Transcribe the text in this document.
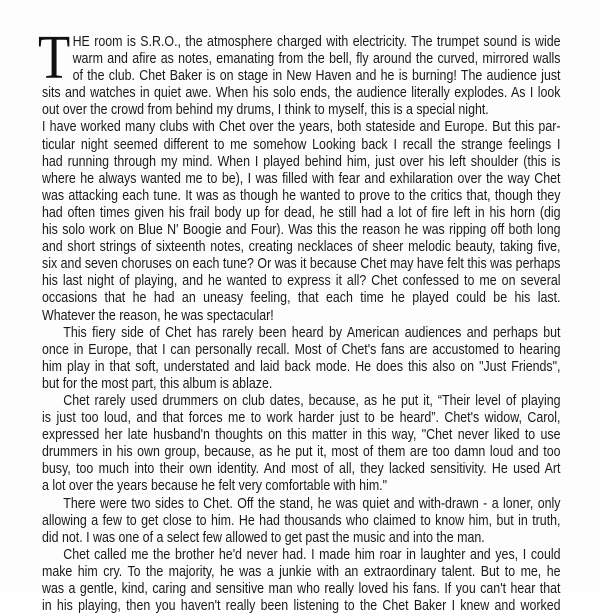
T HE room is S.R.O., the atmosphere charged with electricity. The trumpet sound is wide
warm and afire as notes, emanating from the bell, fly around the curved, mirrored walls
of the club. Chet Baker is on stage in New Haven and he is burning! The audience just
sits and watches in quiet awe. When his solo ends, the audience literally explodes. As I look
out over the crowd from behind my drums, I think to myself, this is a special night.
I have worked many clubs with Chet over the years, both stateside and Europe. But this par-
ticular night seemed different to me somehow Looking back I recall the strange feelings I
had running through my mind. When I played behind him, just over his left shoulder (this is
where he always wanted me to be), I was filled with fear and exhilaration over the way Chet
was attacking each tune. It was as though he wanted to prove to the critics that, though they
had often times given his frail body up for dead, he still had a lot of fire left in his horn (dig
his solo work on Blue N' Boogie and Four). Was this the reason he was ripping off both long
and short strings of sixteenth notes, creating necklaces of sheer melodic beauty, taking five,
six and seven choruses on each tune? Or was it because Chet may have felt this was perhaps
his last night of playing, and he wanted to express it all? Chet confessed to me on several
occasions that he had an uneasy feeling, that each time he played could be his last.
Whatever the reason, he was spectacular!
This fiery side of Chet has rarely been heard by American audiences and perhaps but
once in Europe, that I can personally recall. Most of Chet's fans are accustomed to hearing
him play in that soft, understated and laid back mode. He does this also on "Just Friends",
but for the most part, this album is ablaze.
Chet rarely used drummers on club dates, because, as he put it, “Their level of playing
is just too loud, and that forces me to work harder just to be heard”. Chet's widow, Carol,
expressed her late husband'n thoughts on this matter in this way, "Chet never liked to use
drummers in his own group, because, as he put it, most of them are too damn loud and too
busy, too much into their own identity. And most of all, they lacked sensitivity. He used Art
a lot over the years because he felt very comfortable with him."
There were two sides to Chet. Off the stand, he was quiet and with-drawn - a loner, only
allowing a few to get close to him. He had thousands who claimed to know him, but in truth,
did not. I was one of a select few allowed to get past the music and into the man.
Chet called me the brother he'd never had. I made him roar in laughter and yes, I could
make him cry. To the majority, he was a junkie with an extraordinary talent. But to me, he
was a gentle, kind, caring and sensitive man who really loved his fans. If you can't hear that
in his playing, then you haven't really been listening to the Chet Baker I knew and worked
